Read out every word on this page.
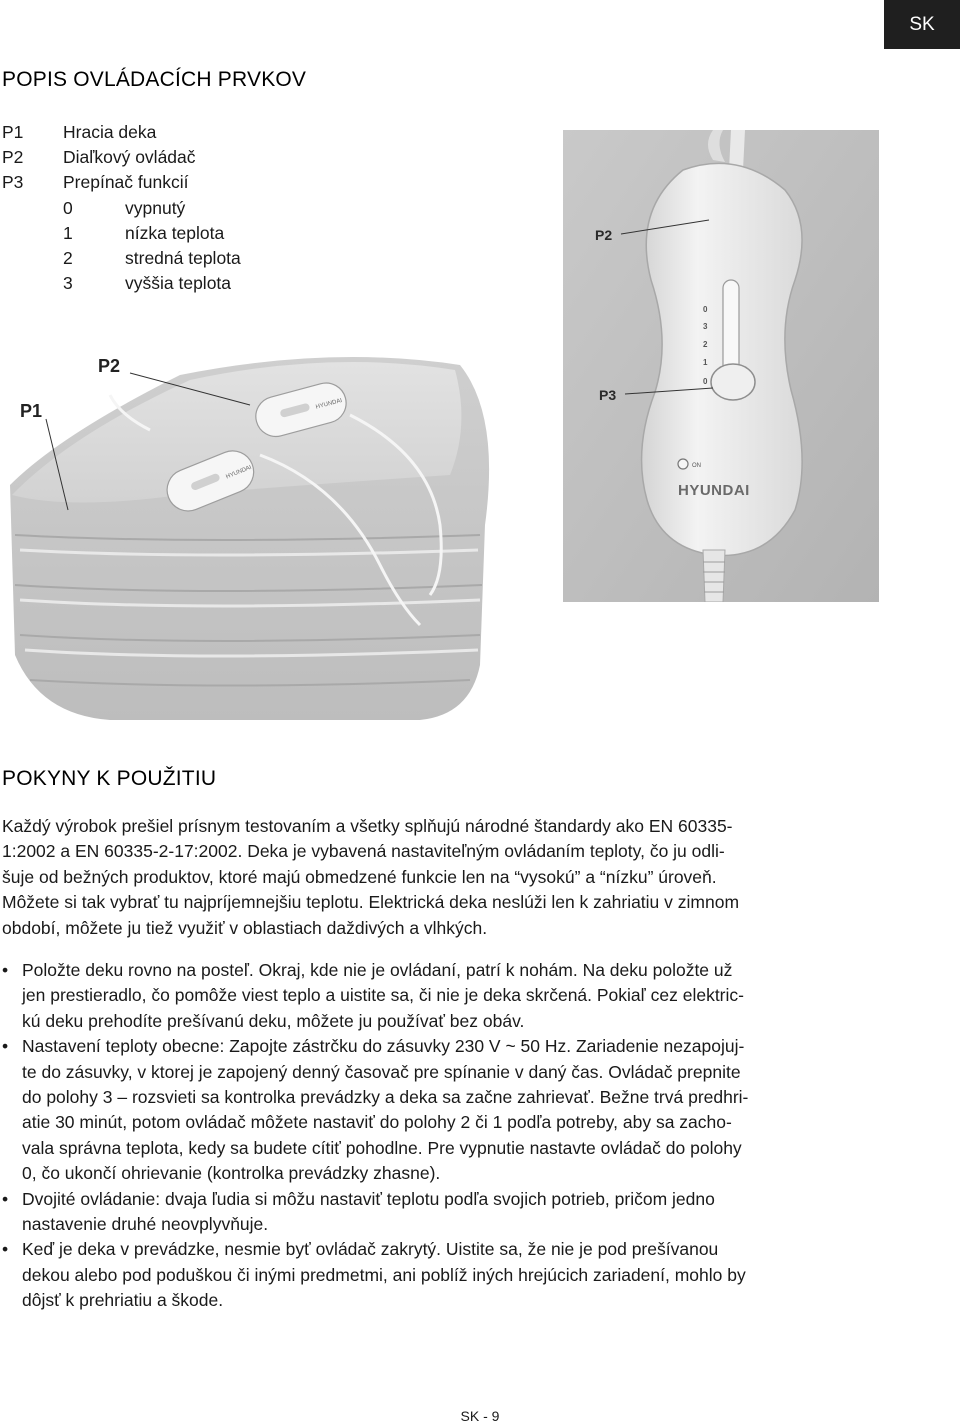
SK
POPIS OVLÁDACÍCH PRVKOV
P1	Hracia deka
P2	Diaľkový ovládač
P3	Prepínač funkcií
0	vypnutý
1	nízka teplota
2	stredná teplota
3	vyššia teplota
0
3
2
1
0
ON
HYUNDAI
P2
P3
HYUNDAI
HYUNDAI
P2
P1
POKYNY K POUŽITIU

Každý výrobok prešiel prísnym testovaním a všetky splňujú národné štandardy ako EN 60335-
1:2002 a EN 60335-2-17:2002. Deka je vybavená nastaviteľným ovládaním teploty, čo ju odli-
šuje od bežných produktov, ktoré majú obmedzené funkcie len na “vysokú” a “nízku” úroveň.
Môžete si tak vybrať tu najpríjemnejšiu teplotu. Elektrická deka neslúži len k zahriatiu v zimnom
období, môžete ju tiež využiť v oblastiach daždivých a vlhkých.

• Položte deku rovno na posteľ. Okraj, kde nie je ovládaní, patrí k nohám. Na deku položte už
jen prestieradlo, čo pomôže viest teplo a uistite sa, či nie je deka skrčená. Pokiaľ cez elektric-
kú deku prehodíte prešívanú deku, môžete ju používať bez obáv.
• Nastavení teploty obecne: Zapojte zástrčku do zásuvky 230 V ~ 50 Hz. Zariadenie nezapojuj-
te do zásuvky, v ktorej je zapojený denný časovač pre spínanie v daný čas. Ovládač prepnite
do polohy 3 – rozsvieti sa kontrolka prevádzky a deka sa začne zahrievať. Bežne trvá predhri-
atie 30 minút, potom ovládač môžete nastaviť do polohy 2 či 1 podľa potreby, aby sa zacho-
vala správna teplota, kedy sa budete cítiť pohodlne. Pre vypnutie nastavte ovládač do polohy
0, čo ukončí ohrievanie (kontrolka prevádzky zhasne).
• Dvojité ovládanie: dvaja ľudia si môžu nastaviť teplotu podľa svojich potrieb, pričom jedno
nastavenie druhé neovplyvňuje.
• Keď je deka v prevádzke, nesmie byť ovládač zakrytý. Uistite sa, že nie je pod prešívanou
dekou alebo pod poduškou či inými predmetmi, ani poblíž iných hrejúcich zariadení, mohlo by
dôjsť k prehriatiu a škode.
SK - 9
